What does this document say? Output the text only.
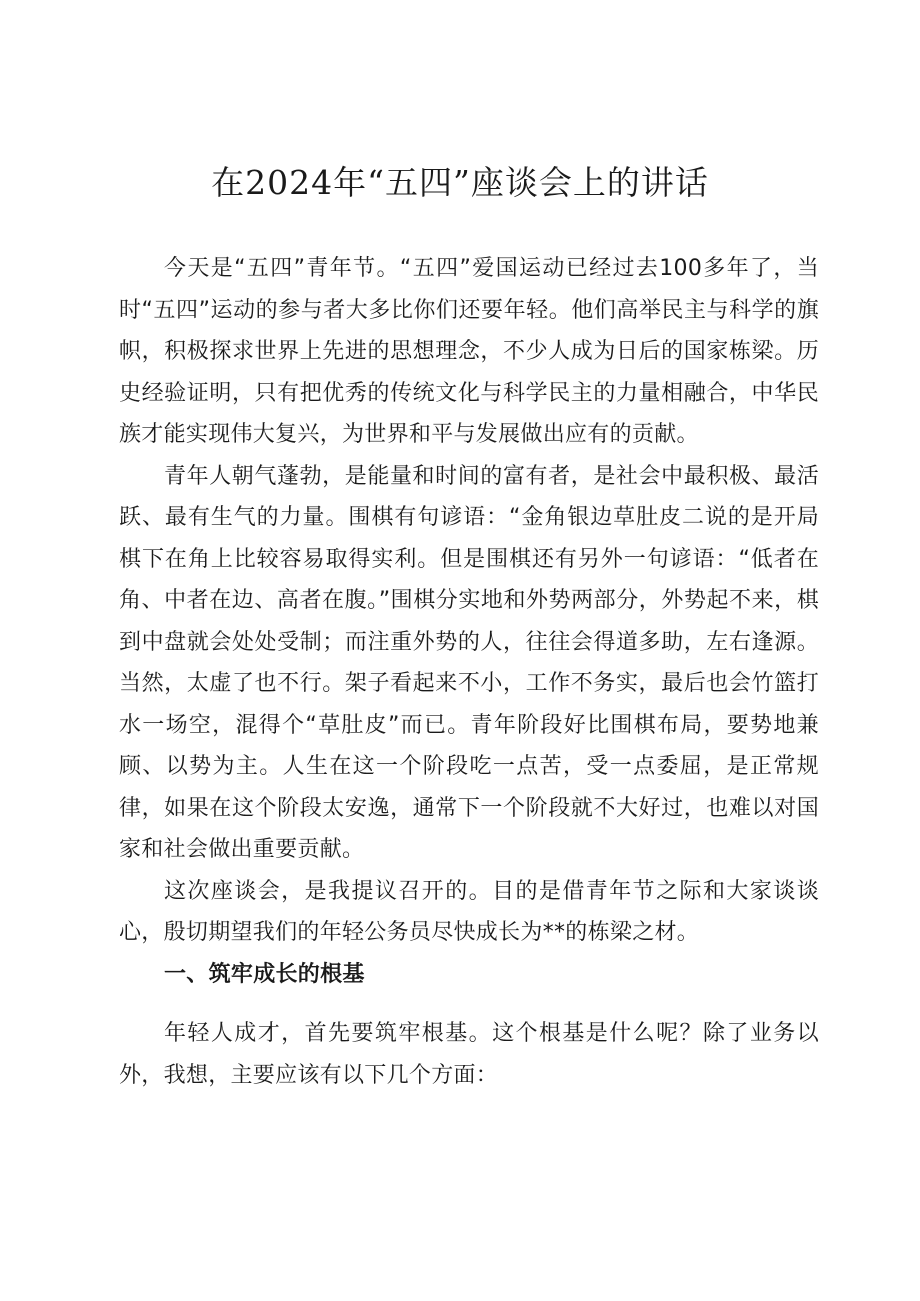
在2024年“五四”座谈会上的讲话

今天是“五四”青年节。“五四”爱国运动已经过去100多年了，当时“五四”运动的参与者大多比你们还要年轻。他们高举民主与科学的旗帜，积极探求世界上先进的思想理念，不少人成为日后的国家栋梁。历史经验证明，只有把优秀的传统文化与科学民主的力量相融合，中华民族才能实现伟大复兴，为世界和平与发展做出应有的贡献。

青年人朝气蓬勃，是能量和时间的富有者，是社会中最积极、最活跃、最有生气的力量。围棋有句谚语：“金角银边草肚皮二说的是开局棋下在角上比较容易取得实利。但是围棋还有另外一句谚语：“低者在角、中者在边、高者在腹。”围棋分实地和外势两部分，外势起不来，棋到中盘就会处处受制；而注重外势的人，往往会得道多助，左右逢源。当然，太虚了也不行。架子看起来不小，工作不务实，最后也会竹篮打水一场空，混得个“草肚皮”而已。青年阶段好比围棋布局，要势地兼顾、以势为主。人生在这一个阶段吃一点苦，受一点委屈，是正常规律，如果在这个阶段太安逸，通常下一个阶段就不大好过，也难以对国家和社会做出重要贡献。

这次座谈会，是我提议召开的。目的是借青年节之际和大家谈谈心，殷切期望我们的年轻公务员尽快成长为**的栋梁之材。

一、筑牢成长的根基

年轻人成才，首先要筑牢根基。这个根基是什么呢？除了业务以外，我想，主要应该有以下几个方面：
